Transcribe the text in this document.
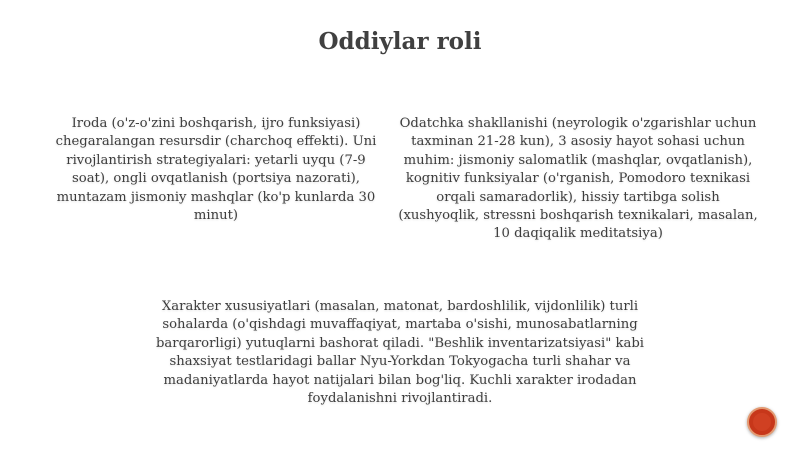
Oddiylar roli

Iroda (o'z-o'zini boshqarish, ijro funksiyasi) chegaralangan resursdir (charchoq effekti). Uni rivojlantirish strategiyalari: yetarli uyqu (7-9 soat), ongli ovqatlanish (portsiya nazorati), muntazam jismoniy mashqlar (ko'p kunlarda 30 minut)

Odatchka shakllanishi (neyrologik o'zgarishlar uchun taxminan 21-28 kun), 3 asosiy hayot sohasi uchun muhim: jismoniy salomatlik (mashqlar, ovqatlanish), kognitiv funksiyalar (o'rganish, Pomodoro texnikasi orqali samaradorlik), hissiy tartibga solish (xushyoqlik, stressni boshqarish texnikalari, masalan, 10 daqiqalik meditatsiya)

Xarakter xususiyatlari (masalan, matonat, bardoshlilik, vijdonlilik) turli sohalarda (o'qishdagi muvaffaqiyat, martaba o'sishi, munosabatlarning barqarorligi) yutuqlarni bashorat qiladi. "Beshlik inventarizatsiyasi" kabi shaxsiyat testlaridagi ballar Nyu-Yorkdan Tokyogacha turli shahar va madaniyatlarda hayot natijalari bilan bog'liq. Kuchli xarakter irodadan foydalanishni rivojlantiradi.
